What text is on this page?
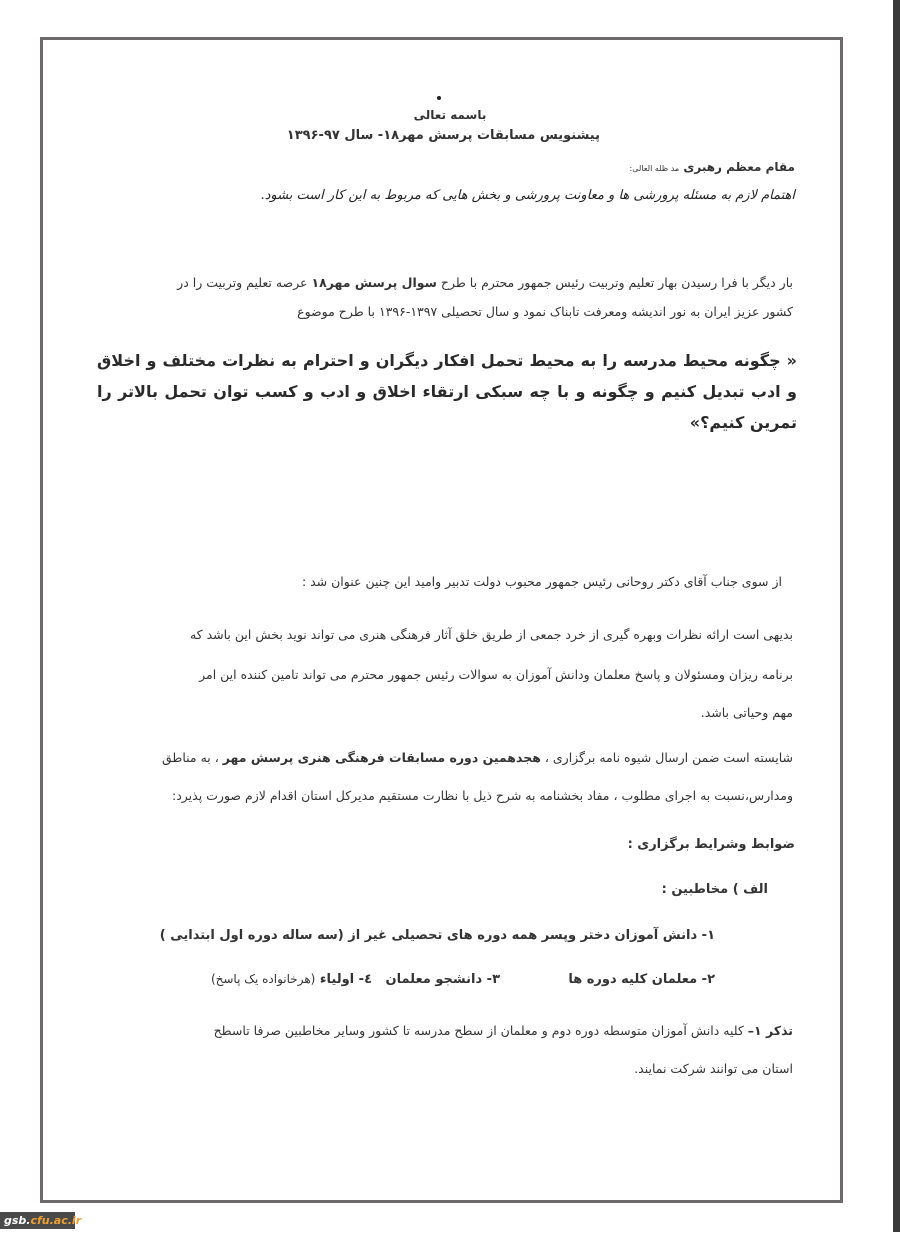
باسمه تعالی
پیشنویس مسابقات پرسش مهر۱۸- سال ۹۷-۱۳۹۶
مقام معظم رهبری مد ظله العالی:
اهتمام لازم به مسئله پرورشی ها و معاونت پرورشی و بخش هایی که مربوط به این کار است بشود.
بار دیگر با فرا رسیدن بهار تعلیم وتربیت رئیس جمهور محترم با طرح سوال پرسش مهر۱۸ عرصه تعلیم وتربیت را در
کشور عزیز ایران به نور اندیشه ومعرفت تابناک نمود و سال تحصیلی ۱۳۹۷-۱۳۹۶ با طرح موضوع
« چگونه محیط مدرسه را به محیط تحمل افکار دیگران و احترام به نظرات مختلف و اخلاق و ادب تبدیل کنیم و چگونه و با چه سبکی ارتقاء اخلاق و ادب و کسب توان تحمل بالاتر را تمرین کنیم؟»
از سوی جناب آقای دکتر روحانی رئیس جمهور محبوب دولت تدبیر وامید این چنین عنوان شد :
بدیهی است ارائه نظرات وبهره گیری از خرد جمعی از طریق خلق آثار فرهنگی هنری می تواند نوید بخش این باشد که
برنامه ریزان ومسئولان و پاسخ معلمان ودانش آموزان به سوالات رئیس جمهور محترم می تواند تامین کننده این امر
مهم وحیاتی باشد.
شایسته است ضمن ارسال شیوه نامه برگزاری ، هجدهمین دوره مسابقات فرهنگی هنری پرسش مهر ، به مناطق
ومدارس،نسبت به اجرای مطلوب ، مفاد بخشنامه به شرح ذیل با نظارت مستقیم مدیرکل استان اقدام لازم صورت پذیرد:
ضوابط وشرایط برگزاری :
الف ) مخاطبین :
۱- دانش آموزان دختر وپسر همه دوره های تحصیلی غیر از (سه ساله دوره اول ابتدایی )
۲- معلمان کلیه دوره ها
۳- دانشجو معلمان
٤- اولیاء (هرخانواده یک پاسخ)
تذکر ۱– کلیه دانش آموزان متوسطه دوره دوم و معلمان از سطح مدرسه تا کشور وسایر مخاطبین صرفا تاسطح
استان می توانند شرکت نمایند.
gsb.cfu.ac.ir
